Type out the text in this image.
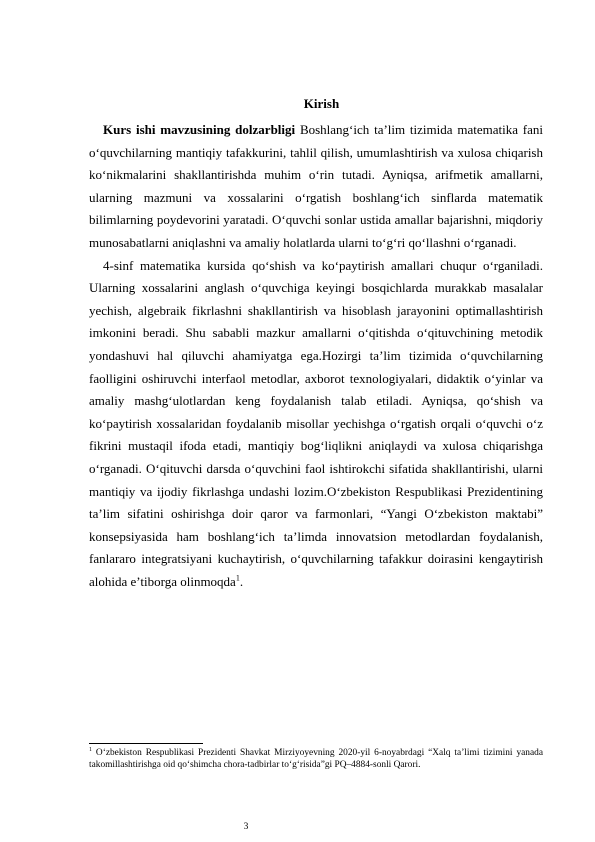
Kirish

Kurs ishi mavzusining dolzarbligi Boshlang‘ich ta’lim tizimida matematika fani o‘quvchilarning mantiqiy tafakkurini, tahlil qilish, umumlashtirish va xulosa chiqarish ko‘nikmalarini shakllantirishda muhim o‘rin tutadi. Ayniqsa, arifmetik amallarni, ularning mazmuni va xossalarini o‘rgatish boshlang‘ich sinflarda matematik bilimlarning poydevorini yaratadi. O‘quvchi sonlar ustida amallar bajarishni, miqdoriy munosabatlarni aniqlashni va amaliy holatlarda ularni to‘g‘ri qo‘llashni o‘rganadi.

4-sinf matematika kursida qo‘shish va ko‘paytirish amallari chuqur o‘rganiladi. Ularning xossalarini anglash o‘quvchiga keyingi bosqichlarda murakkab masalalar yechish, algebraik fikrlashni shakllantirish va hisoblash jarayonini optimallashtirish imkonini beradi. Shu sababli mazkur amallarni o‘qitishda o‘qituvchining metodik yondashuvi hal qiluvchi ahamiyatga ega.Hozirgi ta’lim tizimida o‘quvchilarning faolligini oshiruvchi interfaol metodlar, axborot texnologiyalari, didaktik o‘yinlar va amaliy mashg‘ulotlardan keng foydalanish talab etiladi. Ayniqsa, qo‘shish va ko‘paytirish xossalaridan foydalanib misollar yechishga o‘rgatish orqali o‘quvchi o‘z fikrini mustaqil ifoda etadi, mantiqiy bog‘liqlikni aniqlaydi va xulosa chiqarishga o‘rganadi. O‘qituvchi darsda o‘quvchini faol ishtirokchi sifatida shakllantirishi, ularni mantiqiy va ijodiy fikrlashga undashi lozim.O‘zbekiston Respublikasi Prezidentining ta’lim sifatini oshirishga doir qaror va farmonlari, “Yangi O‘zbekiston maktabi” konsepsiyasida ham boshlang‘ich ta’limda innovatsion metodlardan foydalanish, fanlararo integratsiyani kuchaytirish, o‘quvchilarning tafakkur doirasini kengaytirish alohida e’tiborga olinmoqda$^1$.

$^1$ O‘zbekiston Respublikasi Prezidenti Shavkat Mirziyoyevning 2020-yil 6-noyabrdagi “Xalq ta’limi tizimini yanada takomillashtirishga oid qo‘shimcha chora-tadbirlar to‘g‘risida”gi PQ–4884-sonli Qarori.
3
